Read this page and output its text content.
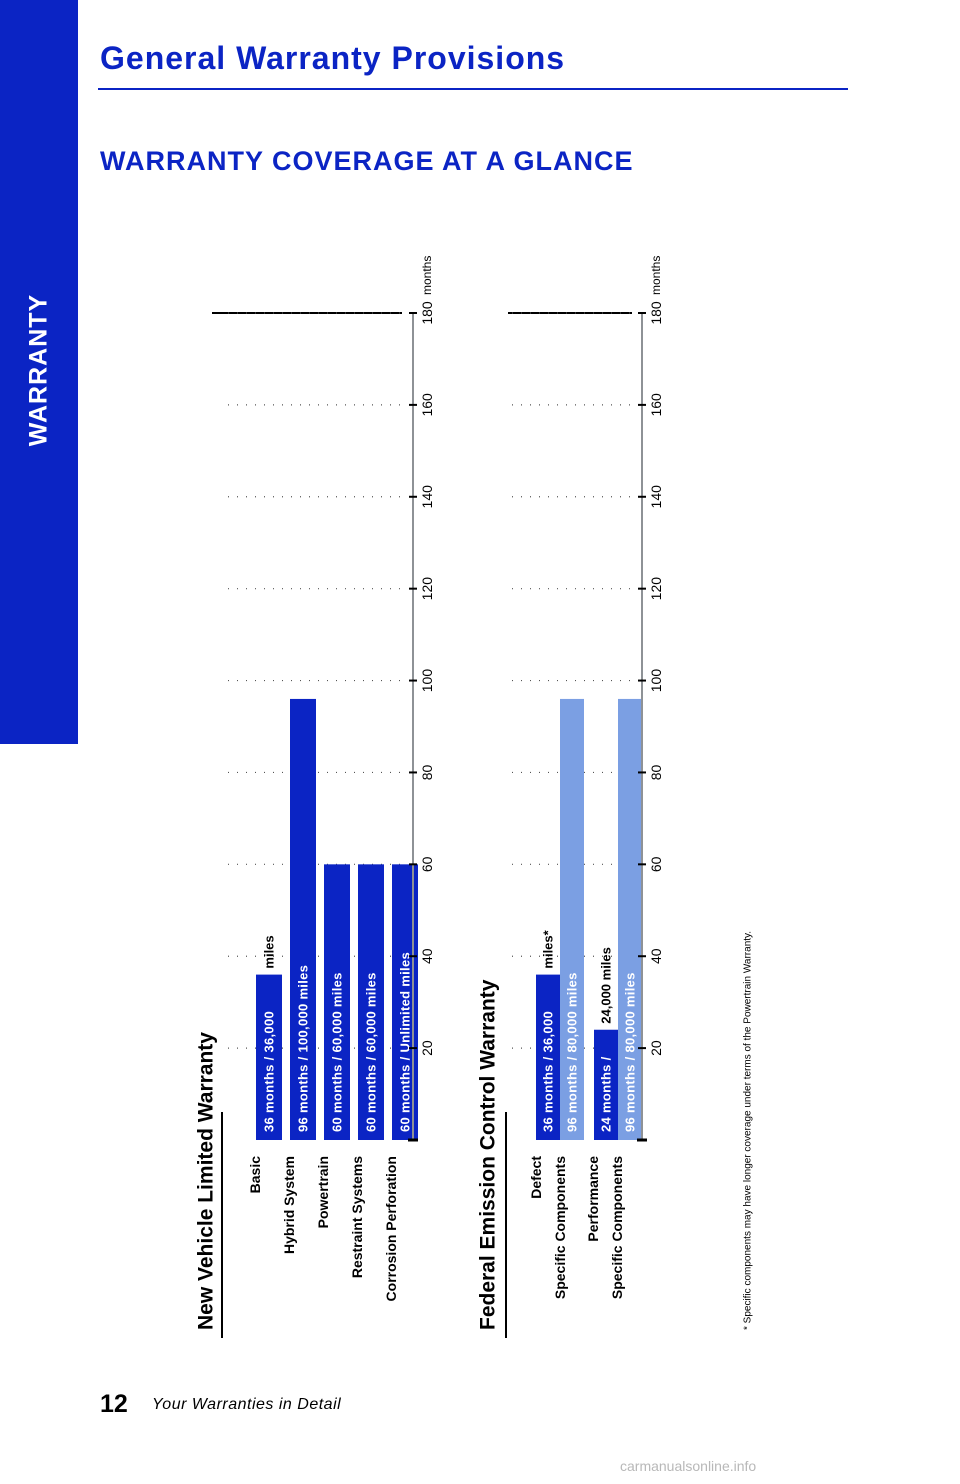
WARRANTY
General Warranty Provisions
WARRANTY COVERAGE AT A GLANCE
New Vehicle Limited Warranty	36 months / 36,000
miles
96 months / 100,000 miles 60 months / 60,000 miles 60 months / 60,000 miles 60 months / Unlimited miles
Basic Hybrid System Powertrain Restraint Systems Corrosion Perforation
20
40
60
80
100
120
140
160
180
months
Federal Emission Control Warranty	36 months / 36,000
miles*
96 months / 80,000 miles 24 months /
24,000 miles 96 months / 80,000 miles
Defect Specific Components Performance Specific Components
20
40
60
80
100
120
140
160
180
months
* Specific components may have longer coverage under terms of the Powertrain Warranty.
12 Your Warranties in Detail
carmanualsonline.info
